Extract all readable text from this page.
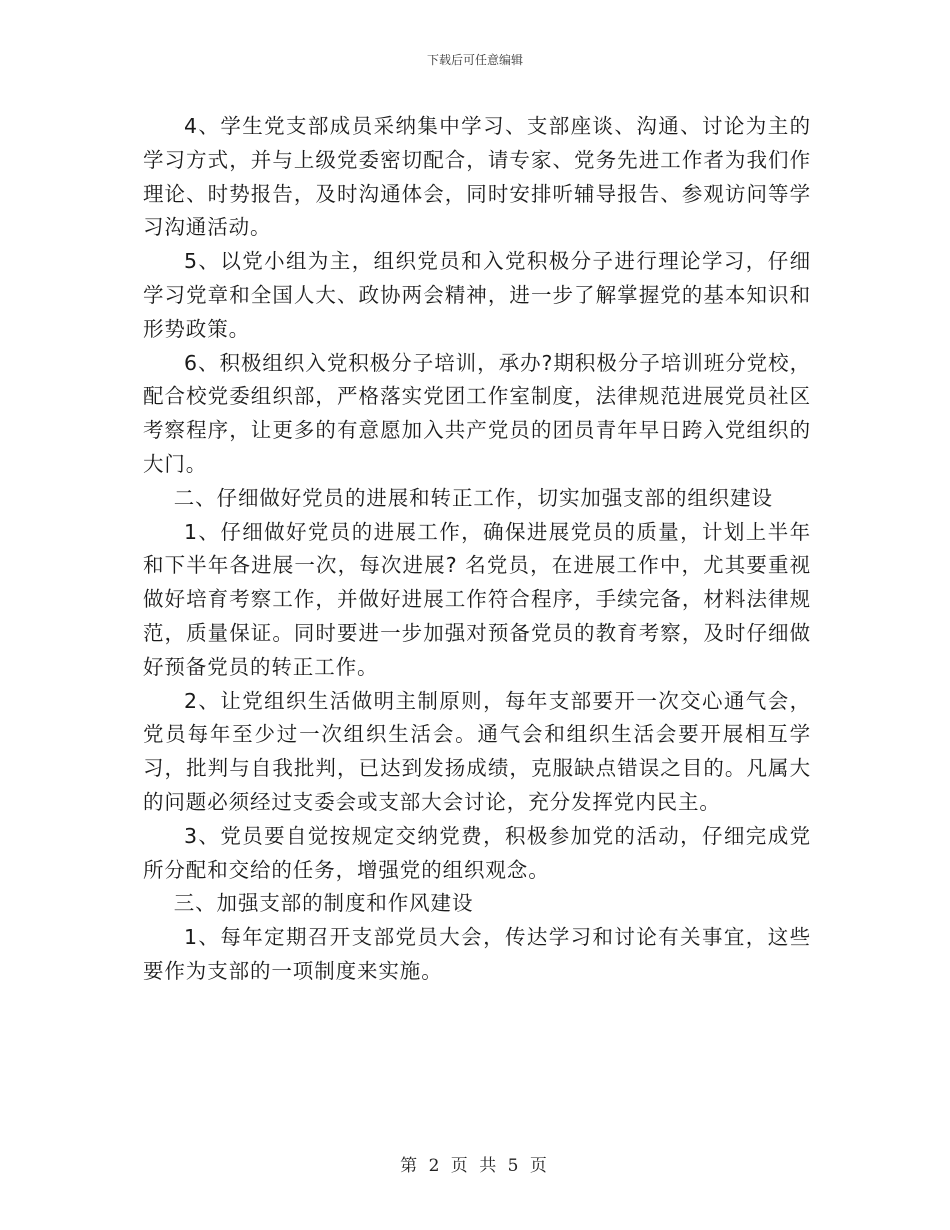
下载后可任意编辑

4、学生党支部成员采纳集中学习、支部座谈、沟通、讨论为主的学习方式，并与上级党委密切配合，请专家、党务先进工作者为我们作理论、时势报告，及时沟通体会，同时安排听辅导报告、参观访问等学习沟通活动。

5、以党小组为主，组织党员和入党积极分子进行理论学习，仔细学习党章和全国人大、政协两会精神，进一步了解掌握党的基本知识和形势政策。

6、积极组织入党积极分子培训，承办?期积极分子培训班分党校，配合校党委组织部，严格落实党团工作室制度，法律规范进展党员社区考察程序，让更多的有意愿加入共产党员的团员青年早日跨入党组织的大门。

二、仔细做好党员的进展和转正工作，切实加强支部的组织建设

1、仔细做好党员的进展工作，确保进展党员的质量，计划上半年和下半年各进展一次，每次进展? 名党员，在进展工作中，尤其要重视做好培育考察工作，并做好进展工作符合程序，手续完备，材料法律规范，质量保证。同时要进一步加强对预备党员的教育考察，及时仔细做好预备党员的转正工作。

2、让党组织生活做明主制原则，每年支部要开一次交心通气会，党员每年至少过一次组织生活会。通气会和组织生活会要开展相互学习，批判与自我批判，已达到发扬成绩，克服缺点错误之目的。凡属大的问题必须经过支委会或支部大会讨论，充分发挥党内民主。

3、党员要自觉按规定交纳党费，积极参加党的活动，仔细完成党所分配和交给的任务，增强党的组织观念。

三、加强支部的制度和作风建设

1、每年定期召开支部党员大会，传达学习和讨论有关事宜，这些要作为支部的一项制度来实施。

第 2 页 共 5 页
